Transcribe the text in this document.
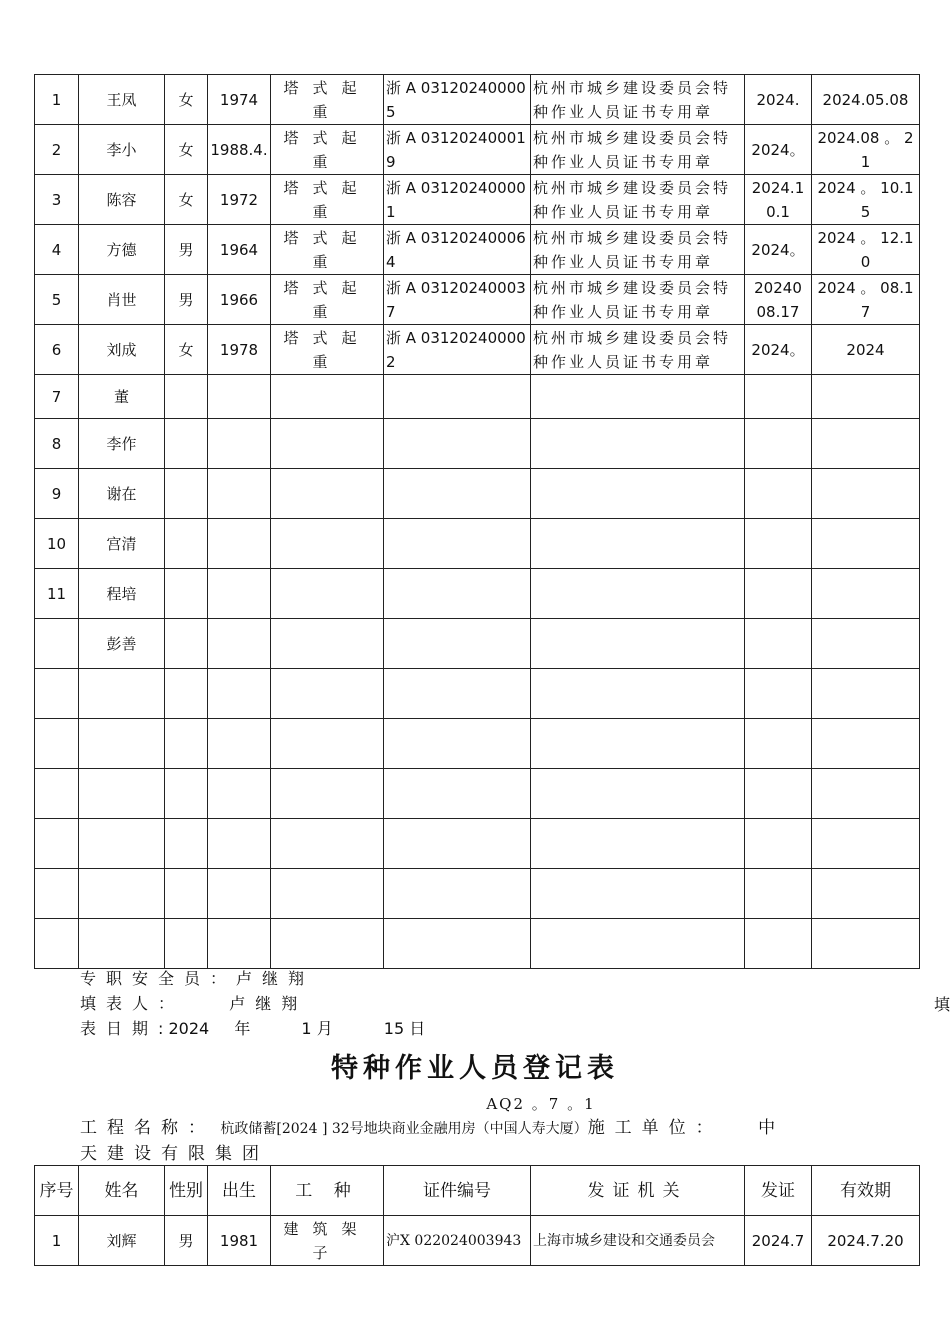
1	王凤	女	1974	塔式起重	浙 A 031202400005	杭州市城乡建设委员会特种作业人员证书专用章	2024.	2024.05.08
2	李小	女	1988.4.	塔式起重	浙 A 031202400019	杭州市城乡建设委员会特种作业人员证书专用章	2024。	2024.08 。 21
3	陈容	女	1972	塔式起重	浙 A 031202400001	杭州市城乡建设委员会特种作业人员证书专用章	2024.10.1	2024 。 10.15
4	方德	男	1964	塔式起重	浙 A 031202400064	杭州市城乡建设委员会特种作业人员证书专用章	2024。	2024 。 12.10
5	肖世	男	1966	塔式起重	浙 A 031202400037	杭州市城乡建设委员会特种作业人员证书专用章	20240 08.17	2024 。 08.17
6	刘成	女	1978	塔式起重	浙 A 031202400002	杭州市城乡建设委员会特种作业人员证书专用章	2024。	2024
7	董							
8	李作							
9	谢在							
10	宫清							
11	程培							
	彭善							

专职安全员：卢继翔
填表人：	卢继翔	填
表日期: 2024 年	1 月	15 日
特种作业人员登记表
AQ2 。7 。1
工程名称： 杭政储蓄[2024 ] 32号地块商业金融用房（中国人寿大厦）施工单位： 中
天建设有限集团
序号	姓名	性别	出生	工 种	证件编号	发证机关	发证	有效期
1	刘辉	男	1981	建筑架子	沪X 022024003943	上海市城乡建设和交通委员会	2024.7	2024.7.20
